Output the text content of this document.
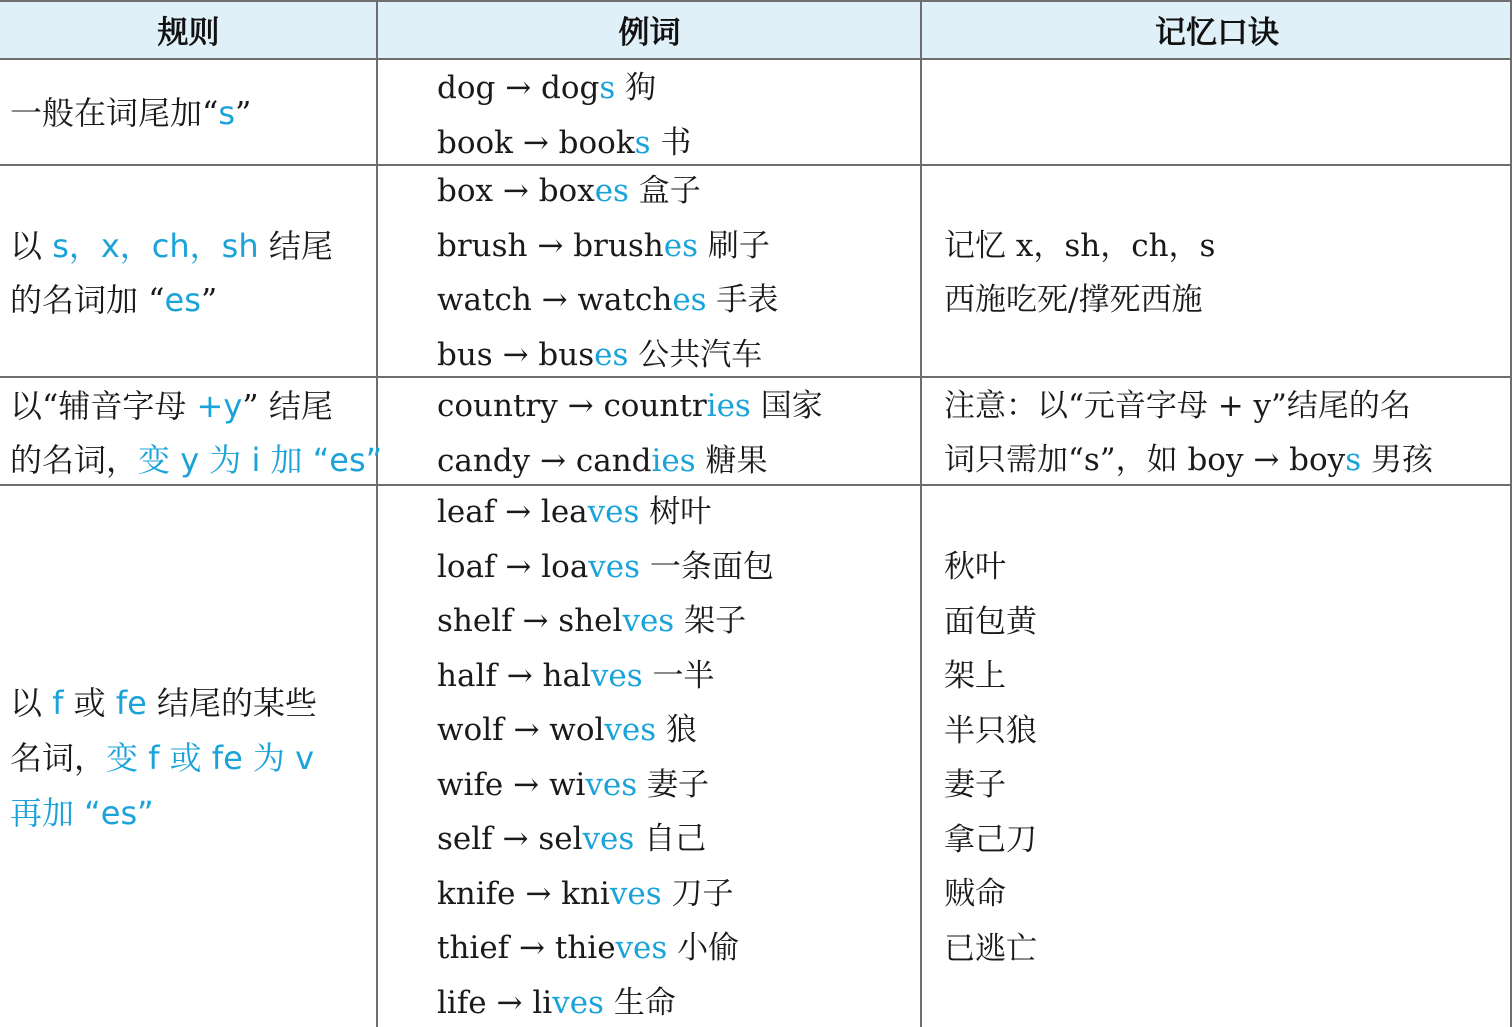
规则	例词	记忆口诀
一般在词尾加“s”
dog → dogs 狗
book → books 书
以 s，x，ch，sh 结尾
的名词加 “es”
box → boxes 盒子
brush → brushes 刷子
watch → watches 手表
bus → buses 公共汽车
记忆 x，sh，ch，s
西施吃死/撑死西施
以“辅音字母 +y” 结尾
的名词，变 y 为 i 加 “es”
country → countries 国家
candy → candies 糖果
注意：以“元音字母 + y”结尾的名
词只需加“s”，如 boy → boys 男孩
以 f 或 fe 结尾的某些
名词，变 f 或 fe 为 v
再加 “es”
leaf → leaves 树叶
loaf → loaves 一条面包
shelf → shelves 架子
half → halves 一半
wolf → wolves 狼
wife → wives 妻子
self → selves 自己
knife → knives 刀子
thief → thieves 小偷
life → lives 生命
秋叶
面包黄
架上
半只狼
妻子
拿己刀
贼命
已逃亡
